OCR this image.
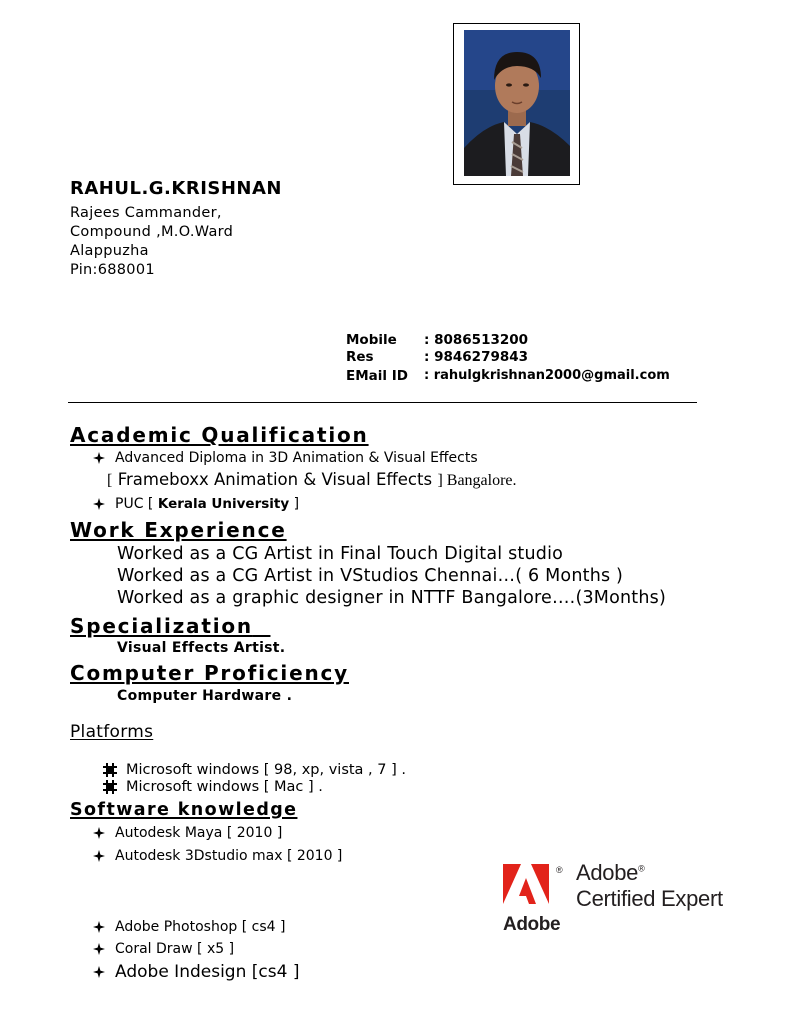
RAHUL.G.KRISHNAN
Rajees Cammander,
Compound ,M.O.Ward
Alappuzha
Pin:688001
Mobile : 8086513200
Res	: 9846279843
EMail ID : rahulgkrishnan2000@gmail.com
Academic Qualification
Advanced Diploma in 3D Animation & Visual Effects
[ Frameboxx Animation & Visual Effects ] Bangalore.
PUC [
Kerala University
]
Work Experience
Worked as a CG Artist in Final Touch Digital studio
Worked as a CG Artist in VStudios Chennai…( 6 Months )
Worked as a graphic designer in NTTF Bangalore….(3Months)
Specialization
Visual Effects Artist.
Computer Proficiency
Computer Hardware .
Platforms
Microsoft windows [ 98, xp, vista , 7 ] .
Microsoft windows [ Mac ] .
Software knowledge
Autodesk Maya [ 2010 ]
Autodesk 3Dstudio max [ 2010 ]
Adobe Photoshop [ cs4 ]
Coral Draw [ x5 ]
Adobe Indesign [cs4 ]
®
Adobe
Adobe®
Certified Expert
